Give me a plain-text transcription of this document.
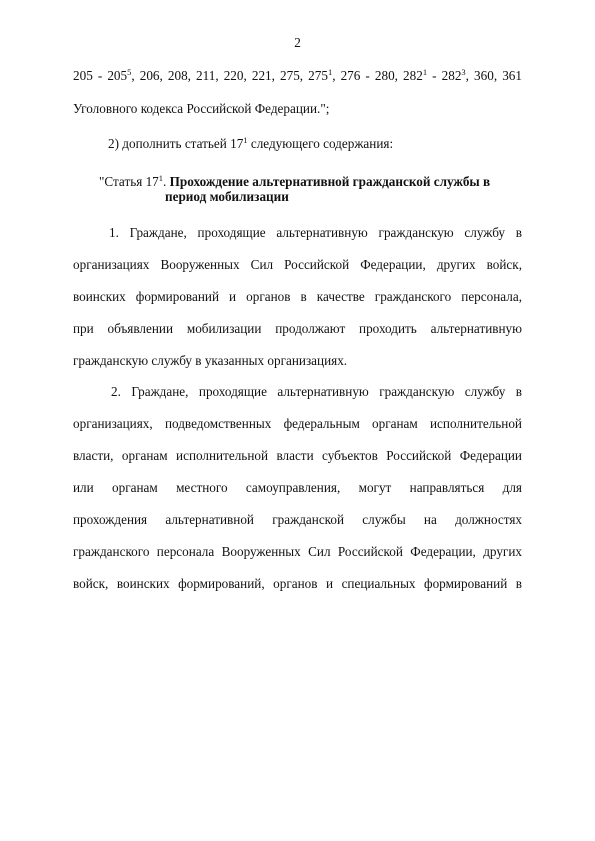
2
$205 - 205^5$, 206, 208, 211, 220, 221, 275, $275^1$, 276 - 280, $282^1 - 282^3$, 360, 361
Уголовного кодекса Российской Федерации.";
2) дополнить статьей $17^1$ следующего содержания:
"Статья $17^1$. Прохождение альтернативной гражданской службы в
период мобилизации
1. Граждане, проходящие альтернативную гражданскую службу в
организациях Вооруженных Сил Российской Федерации, других войск,
воинских формирований и органов в качестве гражданского персонала,
при объявлении мобилизации продолжают проходить альтернативную
гражданскую службу в указанных организациях.
2. Граждане, проходящие альтернативную гражданскую службу в
организациях, подведомственных федеральным органам исполнительной
власти, органам исполнительной власти субъектов Российской Федерации
или органам местного самоуправления, могут направляться для
прохождения альтернативной гражданской службы на должностях
гражданского персонала Вооруженных Сил Российской Федерации, других
войск, воинских формирований, органов и специальных формирований в
